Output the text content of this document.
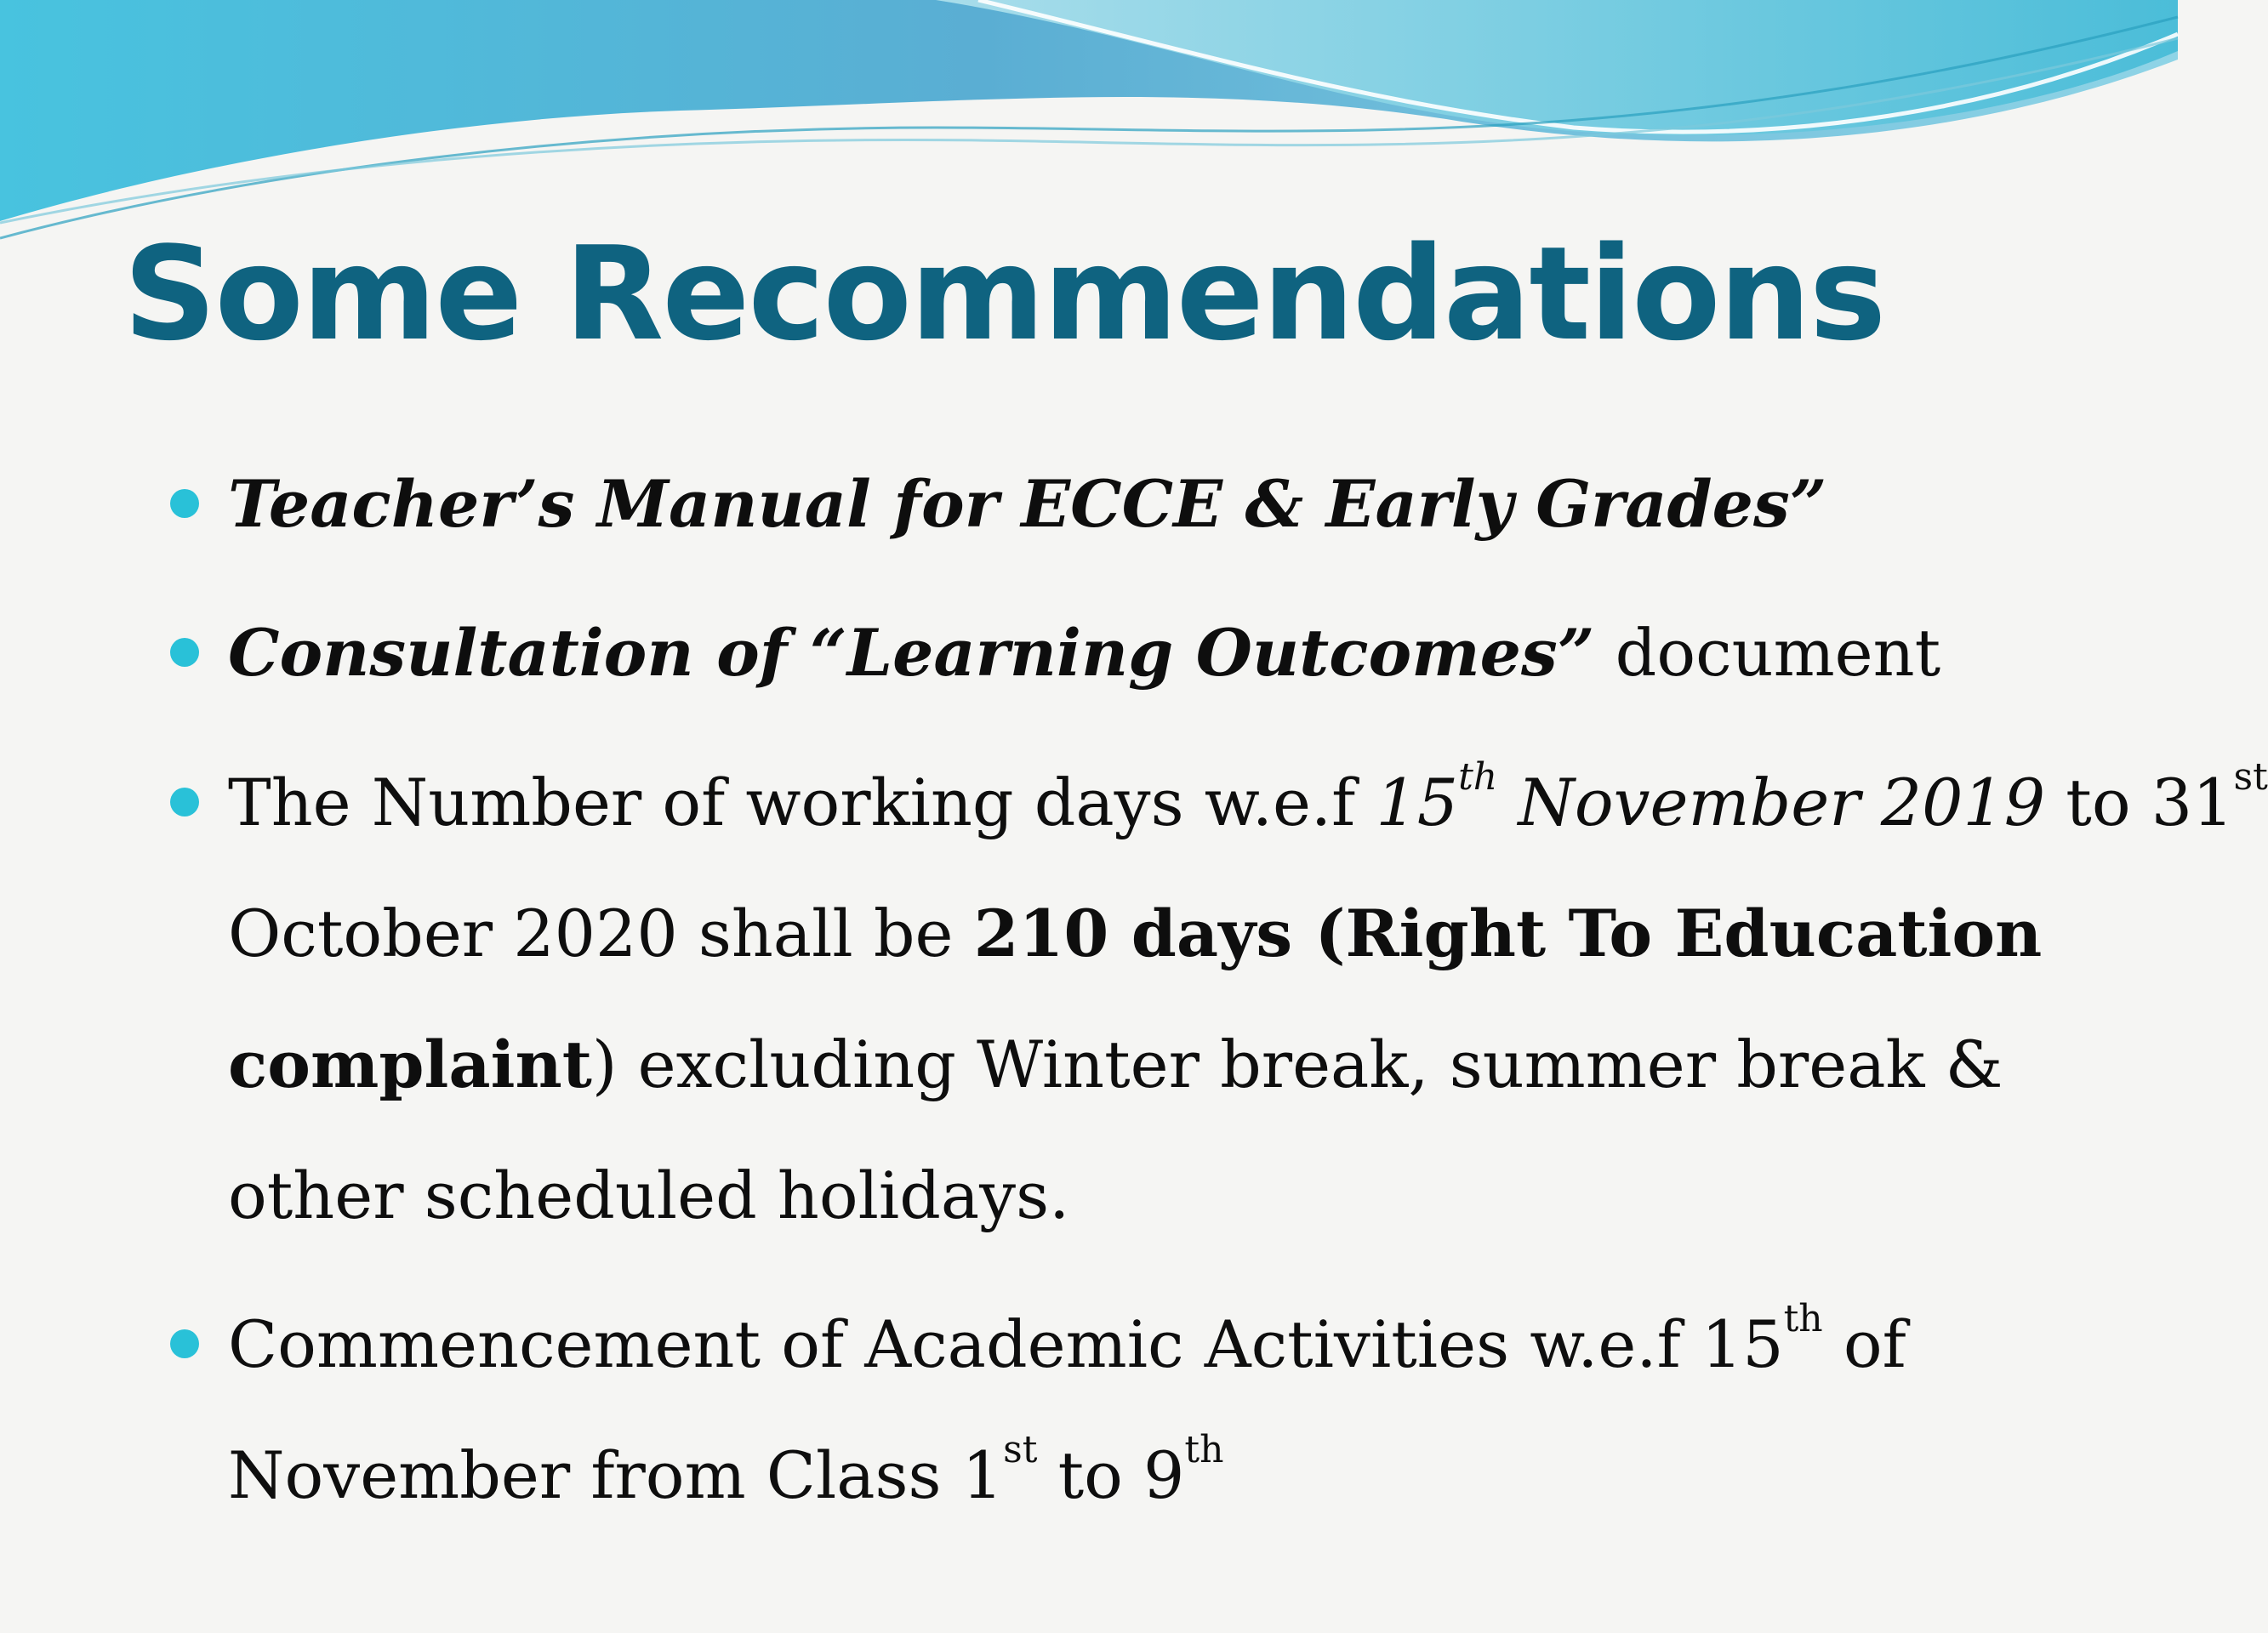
Some Recommendations
Teacher’s Manual for ECCE & Early Grades”
Consultation of “Learning Outcomes” document
The Number of working days w.e.f 15th November 2019 to 31st
October 2020 shall be 210 days (Right To Education
complaint) excluding Winter break, summer break &
other scheduled holidays.
Commencement of Academic Activities w.e.f 15th of
November from Class 1st to 9th
